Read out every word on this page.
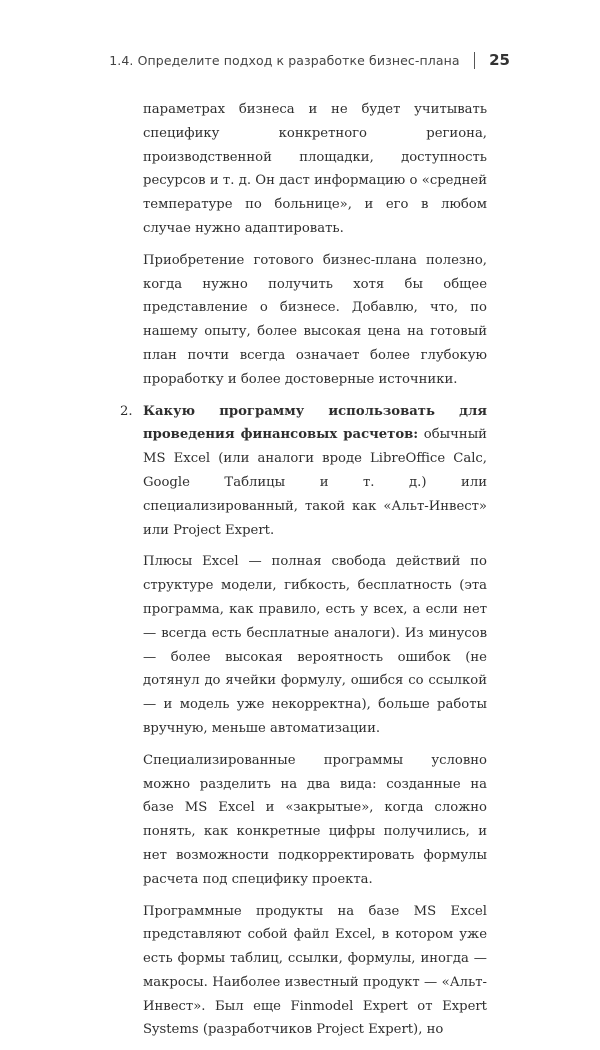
1.4. Определите подход к разработке бизнес-плана 25

параметрах бизнеса и не будет учитывать специфику конкретного региона, производственной площадки, доступность ресурсов и т. д. Он даст информацию о «средней температуре по больнице», и его в любом случае нужно адаптировать.

Приобретение готового бизнес-плана полезно, когда нужно получить хотя бы общее представление о бизнесе. Добавлю, что, по нашему опыту, более высокая цена на готовый план почти всегда означает более глубокую проработку и более достоверные источники.

2. Какую программу использовать для проведения финансовых расчетов: обычный MS Excel (или аналоги вроде LibreOffice Calc, Google Таблицы и т. д.) или специализированный, такой как «Альт-Инвест» или Project Expert.

Плюсы Excel — полная свобода действий по структуре модели, гибкость, бесплатность (эта программа, как правило, есть у всех, а если нет — всегда есть бесплатные аналоги). Из минусов — более высокая вероятность ошибок (не дотянул до ячейки формулу, ошибся со ссылкой — и модель уже некорректна), больше работы вручную, меньше автоматизации.

Специализированные программы условно можно разделить на два вида: созданные на базе MS Excel и «закрытые», когда сложно понять, как конкретные цифры получились, и нет возможности подкорректировать формулы расчета под специфику проекта.

Программные продукты на базе MS Excel представляют собой файл Excel, в котором уже есть формы таблиц, ссылки, формулы, иногда — макросы. Наиболее известный продукт — «Альт-Инвест». Был еще Finmodel Expert от Expert Systems (разработчиков Project Expert), но
